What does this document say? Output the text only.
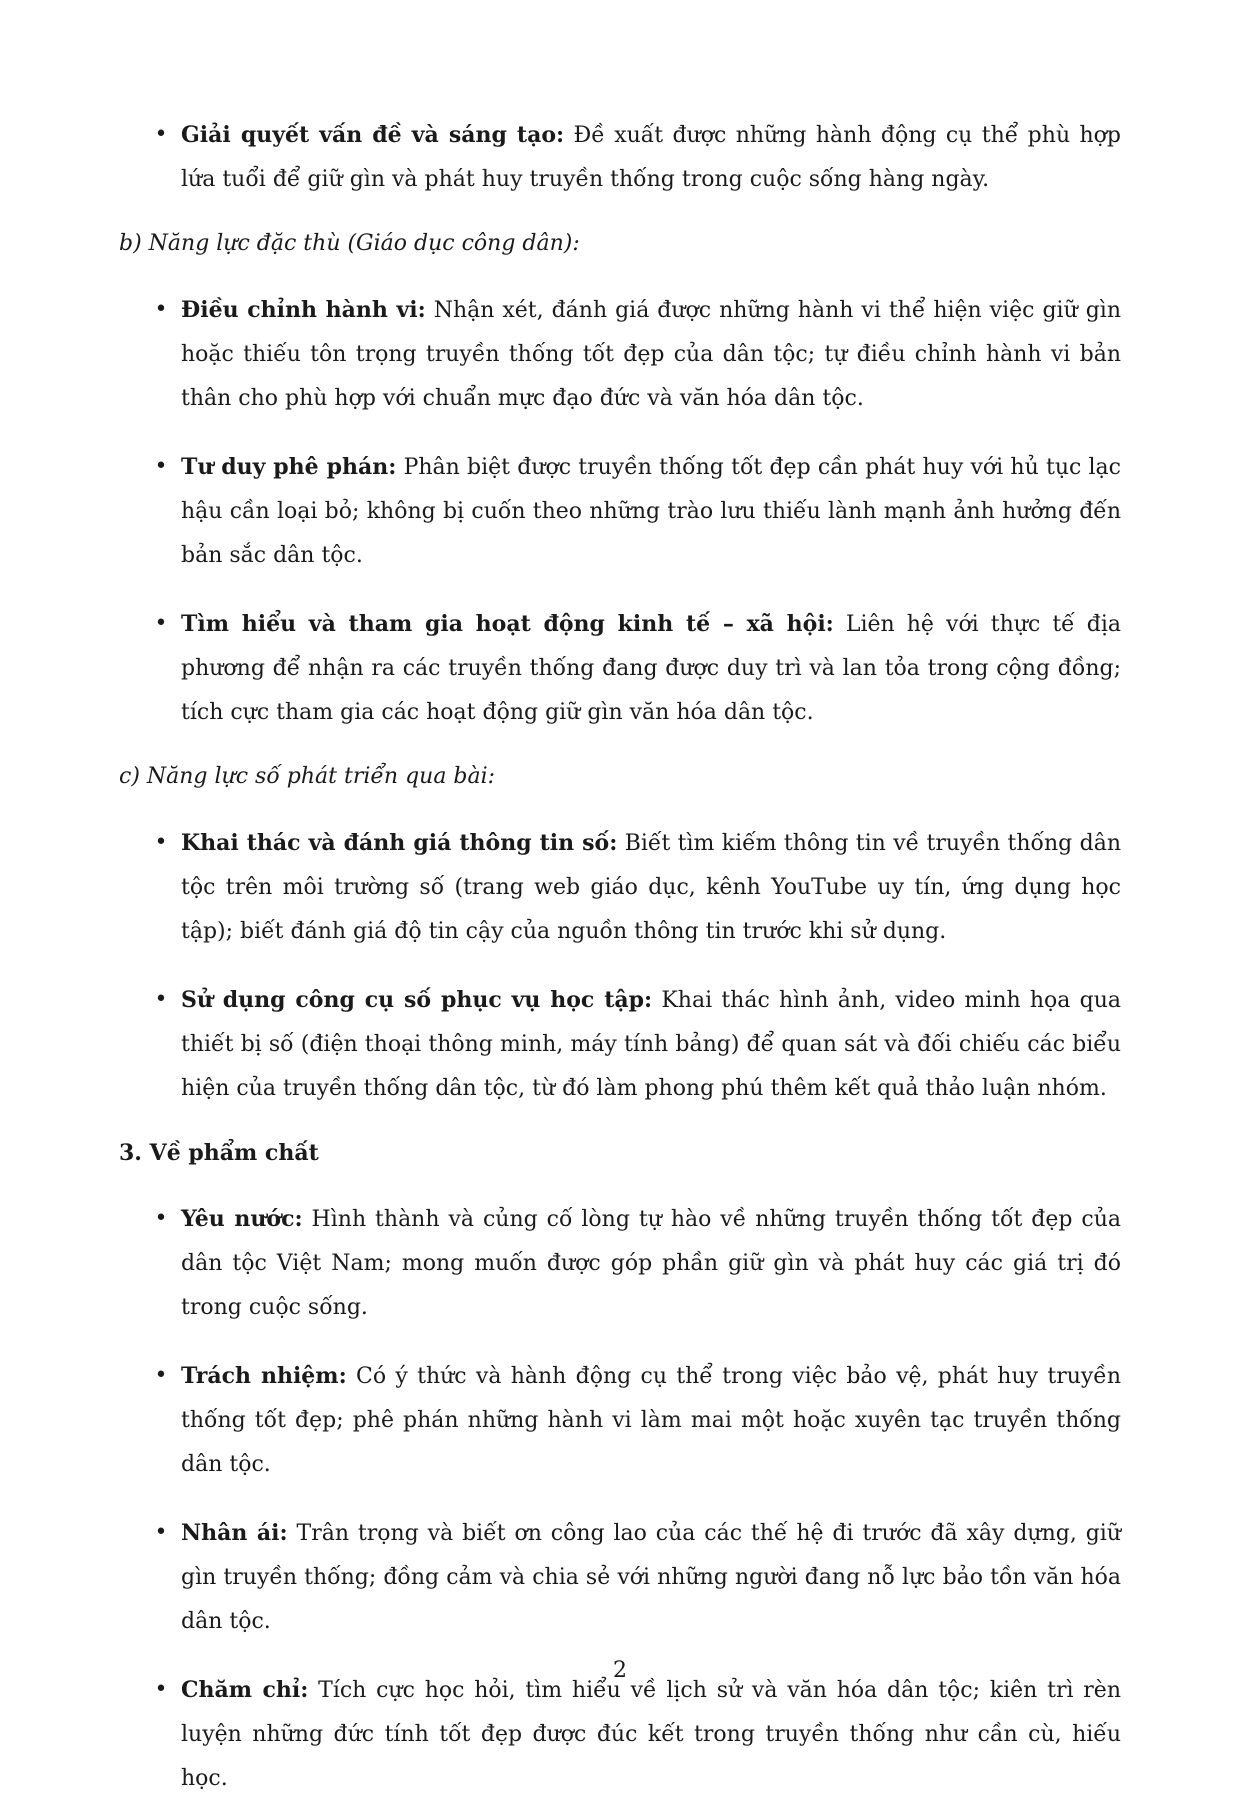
• Giải quyết vấn đề và sáng tạo: Đề xuất được những hành động cụ thể phù hợp lứa tuổi để giữ gìn và phát huy truyền thống trong cuộc sống hàng ngày.

b) Năng lực đặc thù (Giáo dục công dân):

• Điều chỉnh hành vi: Nhận xét, đánh giá được những hành vi thể hiện việc giữ gìn hoặc thiếu tôn trọng truyền thống tốt đẹp của dân tộc; tự điều chỉnh hành vi bản thân cho phù hợp với chuẩn mực đạo đức và văn hóa dân tộc.
• Tư duy phê phán: Phân biệt được truyền thống tốt đẹp cần phát huy với hủ tục lạc hậu cần loại bỏ; không bị cuốn theo những trào lưu thiếu lành mạnh ảnh hưởng đến bản sắc dân tộc.
• Tìm hiểu và tham gia hoạt động kinh tế – xã hội: Liên hệ với thực tế địa phương để nhận ra các truyền thống đang được duy trì và lan tỏa trong cộng đồng; tích cực tham gia các hoạt động giữ gìn văn hóa dân tộc.

c) Năng lực số phát triển qua bài:

• Khai thác và đánh giá thông tin số: Biết tìm kiếm thông tin về truyền thống dân tộc trên môi trường số (trang web giáo dục, kênh YouTube uy tín, ứng dụng học tập); biết đánh giá độ tin cậy của nguồn thông tin trước khi sử dụng.
• Sử dụng công cụ số phục vụ học tập: Khai thác hình ảnh, video minh họa qua thiết bị số (điện thoại thông minh, máy tính bảng) để quan sát và đối chiếu các biểu hiện của truyền thống dân tộc, từ đó làm phong phú thêm kết quả thảo luận nhóm.

3. Về phẩm chất

• Yêu nước: Hình thành và củng cố lòng tự hào về những truyền thống tốt đẹp của dân tộc Việt Nam; mong muốn được góp phần giữ gìn và phát huy các giá trị đó trong cuộc sống.
• Trách nhiệm: Có ý thức và hành động cụ thể trong việc bảo vệ, phát huy truyền thống tốt đẹp; phê phán những hành vi làm mai một hoặc xuyên tạc truyền thống dân tộc.
• Nhân ái: Trân trọng và biết ơn công lao của các thế hệ đi trước đã xây dựng, giữ gìn truyền thống; đồng cảm và chia sẻ với những người đang nỗ lực bảo tồn văn hóa dân tộc.
• Chăm chỉ: Tích cực học hỏi, tìm hiểu về lịch sử và văn hóa dân tộc; kiên trì rèn luyện những đức tính tốt đẹp được đúc kết trong truyền thống như cần cù, hiếu học.
2
